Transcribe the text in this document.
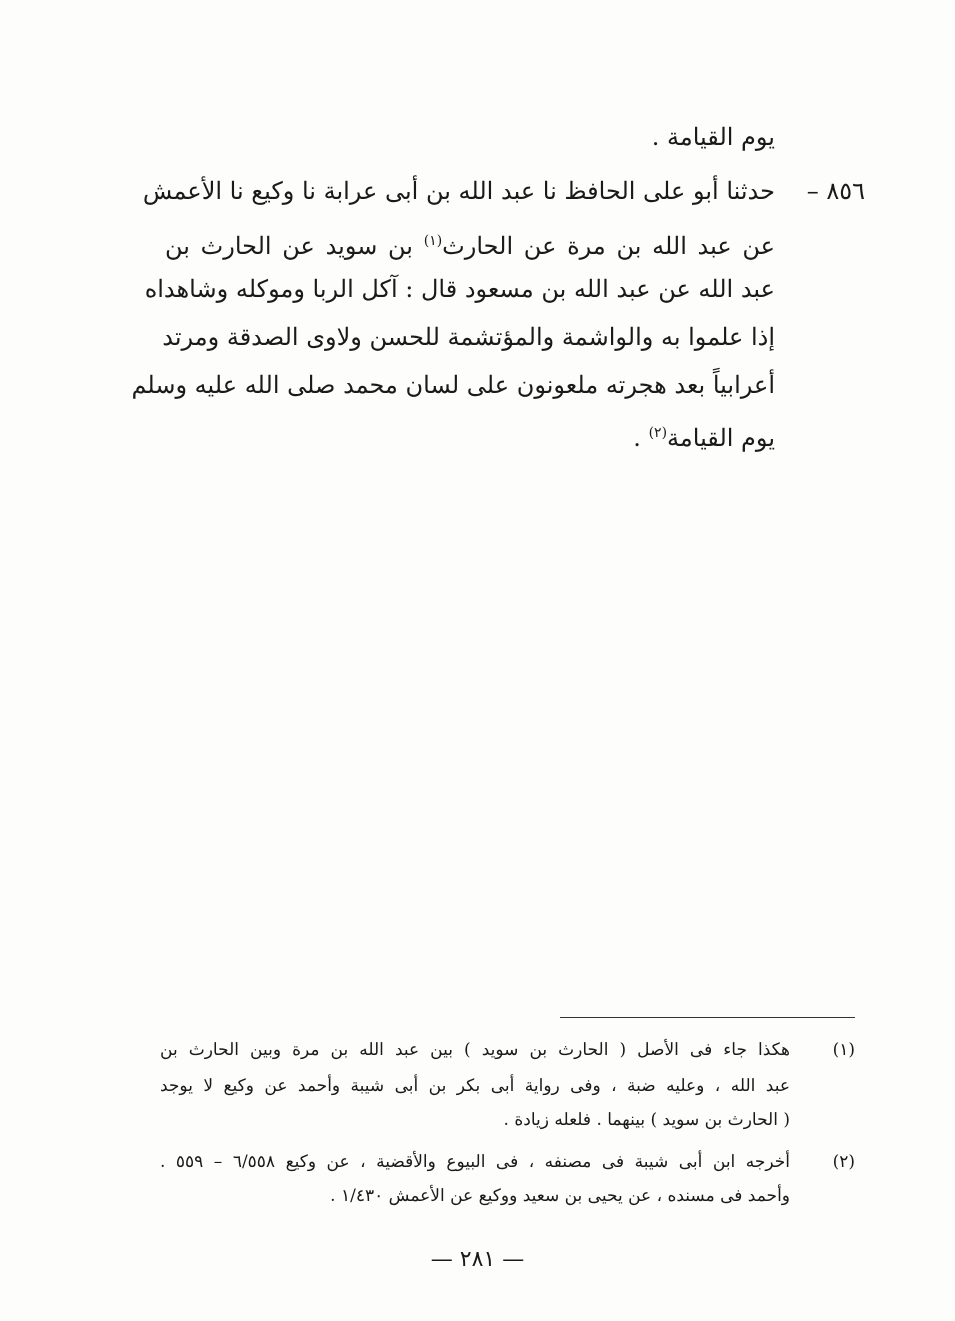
يوم القيامة .
٨٥٦ –
حدثنا أبو على الحافظ نا عبد الله بن أبى عرابة نا وكيع نا الأعمش
عن عبد الله بن مرة عن الحارث$^{(١)}$ بن سويد عن الحارث بن
عبد الله عن عبد الله بن مسعود قال : آكل الربا وموكله وشاهداه
إذا علموا به والواشمة والمؤتشمة للحسن ولاوى الصدقة ومرتد
أعرابياً بعد هجرته ملعونون على لسان محمد صلى الله عليه وسلم
يوم القيامة$^{(٢)}$ .
(١)
هكذا جاء فى الأصل ( الحارث بن سويد ) بين عبد الله بن مرة وبين الحارث بن
عبد الله ، وعليه ضبة ، وفى رواية أبى بكر بن أبى شيبة وأحمد عن وكيع لا يوجد
( الحارث بن سويد ) بينهما . فلعله زيادة .
(٢)
أخرجه ابن أبى شيبة فى مصنفه ، فى البيوع والأقضية ، عن وكيع ٦/٥٥٨ – ٥٥٩ .
وأحمد فى مسنده ، عن يحيى بن سعيد ووكيع عن الأعمش ١/٤٣٠ .
— ٢٨١ —
